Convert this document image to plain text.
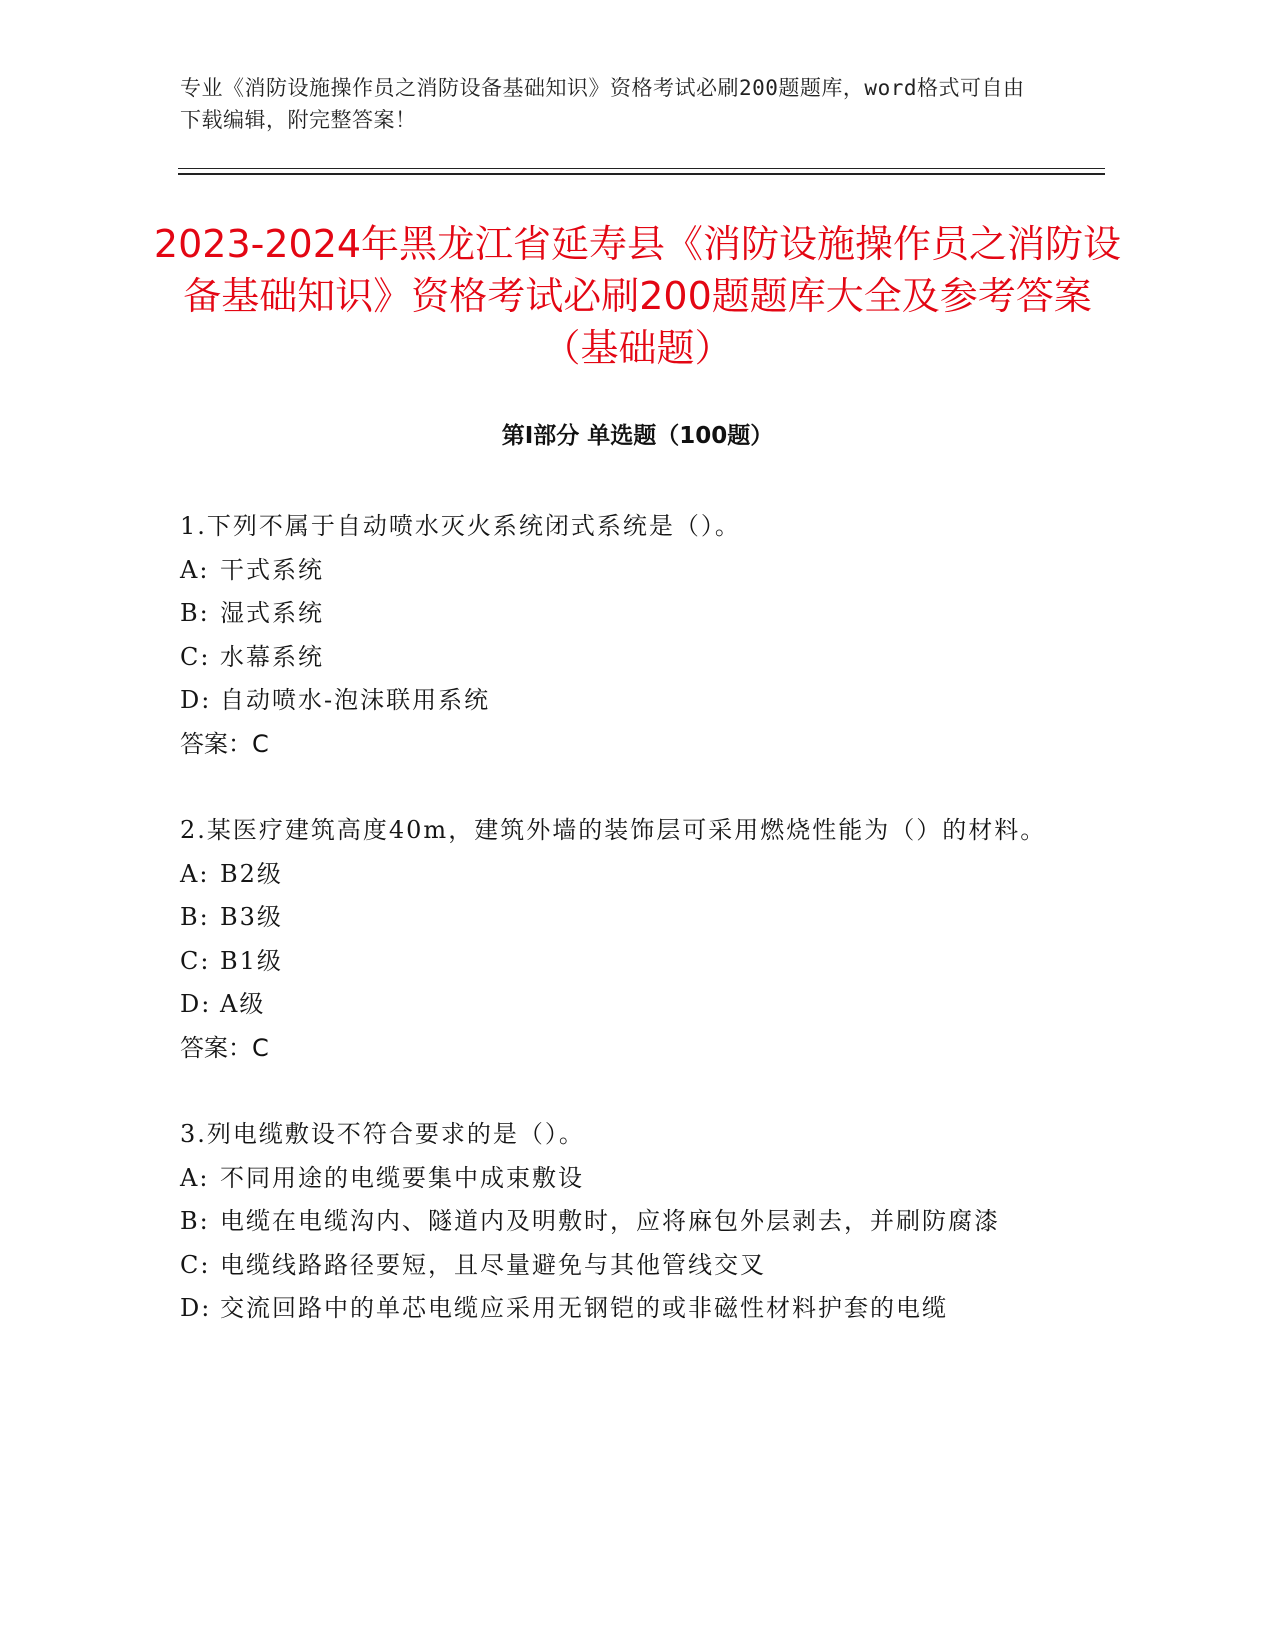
专业《消防设施操作员之消防设备基础知识》资格考试必刷200题题库，word格式可自由下载编辑，附完整答案！
2023-2024年黑龙江省延寿县《消防设施操作员之消防设备基础知识》资格考试必刷200题题库大全及参考答案（基础题）
第Ⅰ部分 单选题（100题）

1.下列不属于自动喷水灭火系统闭式系统是（）。

A: 干式系统

B: 湿式系统

C: 水幕系统

D: 自动喷水-泡沫联用系统

答案：C

2.某医疗建筑高度40m，建筑外墙的装饰层可采用燃烧性能为（）的材料。

A: B2级

B: B3级

C: B1级

D: A级

答案：C

3.列电缆敷设不符合要求的是（）。

A: 不同用途的电缆要集中成束敷设

B: 电缆在电缆沟内、隧道内及明敷时，应将麻包外层剥去，并刷防腐漆

C: 电缆线路路径要短，且尽量避免与其他管线交叉

D: 交流回路中的单芯电缆应采用无钢铠的或非磁性材料护套的电缆
